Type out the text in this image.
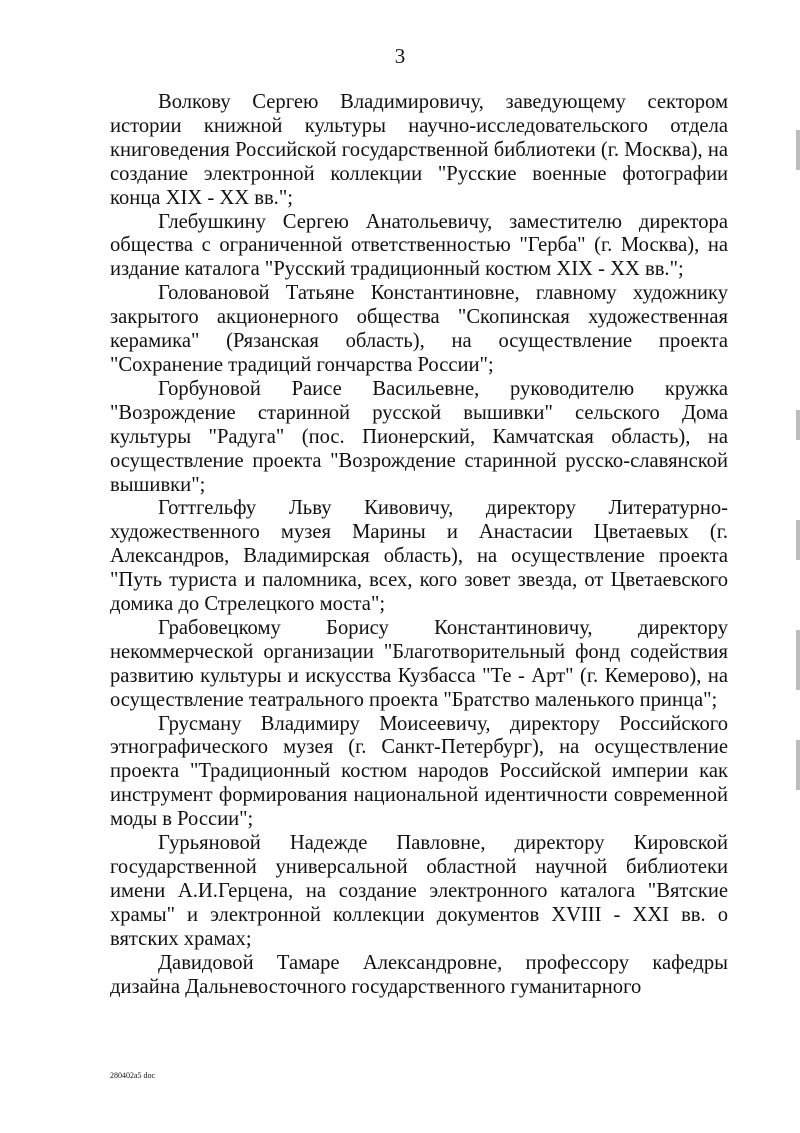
3

Волкову Сергею Владимировичу, заведующему сектором истории книжной культуры научно-исследовательского отдела книговедения Российской государственной библиотеки (г. Москва), на создание электронной коллекции "Русские военные фотографии конца XIX - XX вв.";

Глебушкину Сергею Анатольевичу, заместителю директора общества с ограниченной ответственностью "Герба" (г. Москва), на издание каталога "Русский традиционный костюм XIX - XX вв.";

Головановой Татьяне Константиновне, главному художнику закрытого акционерного общества "Скопинская художественная керамика" (Рязанская область), на осуществление проекта "Сохранение традиций гончарства России";

Горбуновой Раисе Васильевне, руководителю кружка "Возрождение старинной русской вышивки" сельского Дома культуры "Радуга" (пос. Пионерский, Камчатская область), на осуществление проекта "Возрождение старинной русско-славянской вышивки";

Готтгельфу Льву Кивовичу, директору Литературно-художественного музея Марины и Анастасии Цветаевых (г. Александров, Владимирская область), на осуществление проекта "Путь туриста и паломника, всех, кого зовет звезда, от Цветаевского домика до Стрелецкого моста";

Грабовецкому Борису Константиновичу, директору некоммерческой организации "Благотворительный фонд содействия развитию культуры и искусства Кузбасса "Те - Арт" (г. Кемерово), на осуществление театрального проекта "Братство маленького принца";

Грусману Владимиру Моисеевичу, директору Российского этнографического музея (г. Санкт-Петербург), на осуществление проекта "Традиционный костюм народов Российской империи как инструмент формирования национальной идентичности современной моды в России";

Гурьяновой Надежде Павловне, директору Кировской государственной универсальной областной научной библиотеки имени А.И.Герцена, на создание электронного каталога "Вятские храмы" и электронной коллекции документов XVIII - XXI вв. о вятских храмах;

Давидовой Тамаре Александровне, профессору кафедры дизайна Дальневосточного государственного гуманитарного

280402a5 doc
